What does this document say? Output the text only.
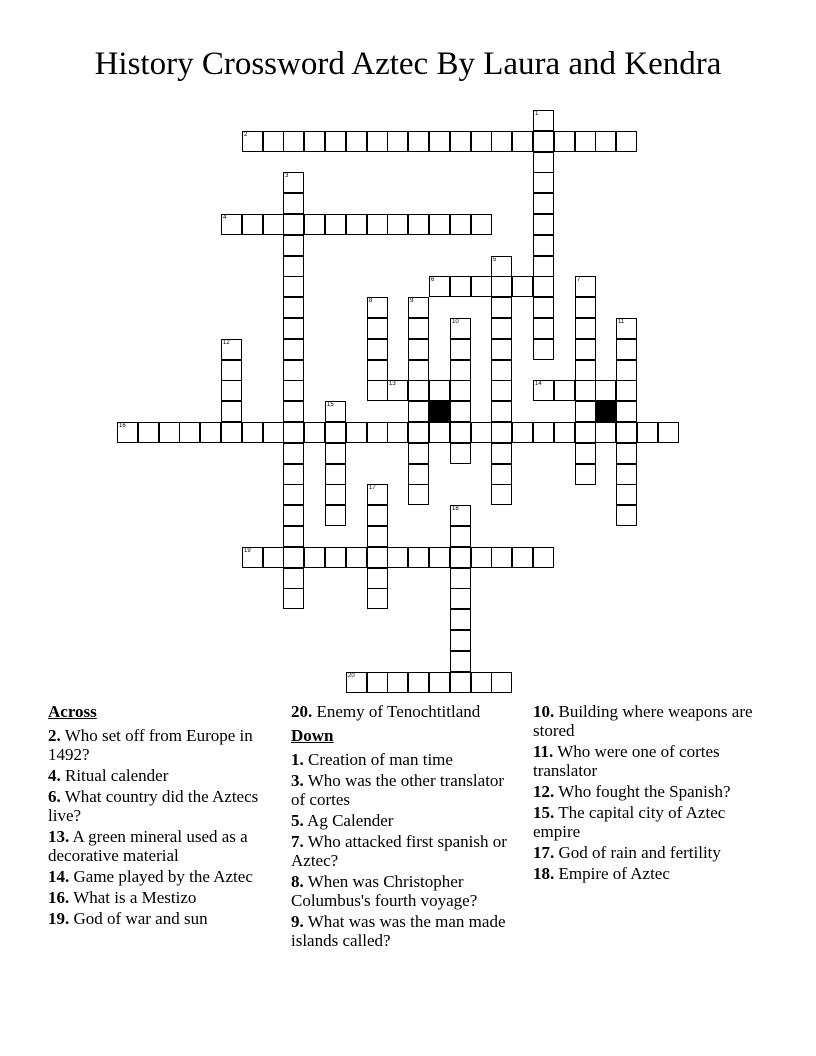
History Crossword Aztec By Laura and Kendra
1
2
3
4
5
6	7
8	9
10	11
12
13	14
15
16
17
18
19
20
Across
2. Who set off from Europe in 1492?
4. Ritual calender
6. What country did the Aztecs live?
13. A green mineral used as a decorative material
14. Game played by the Aztec
16. What is a Mestizo
19. God of war and sun
20. Enemy of Tenochtitland
Down
1. Creation of man time
3. Who was the other translator of cortes
5. Ag Calender
7. Who attacked first spanish or Aztec?
8. When was Christopher Columbus's fourth voyage?
9. What was was the man made islands called?
10. Building where weapons are stored
11. Who were one of cortes translator
12. Who fought the Spanish?
15. The capital city of Aztec empire
17. God of rain and fertility
18. Empire of Aztec
